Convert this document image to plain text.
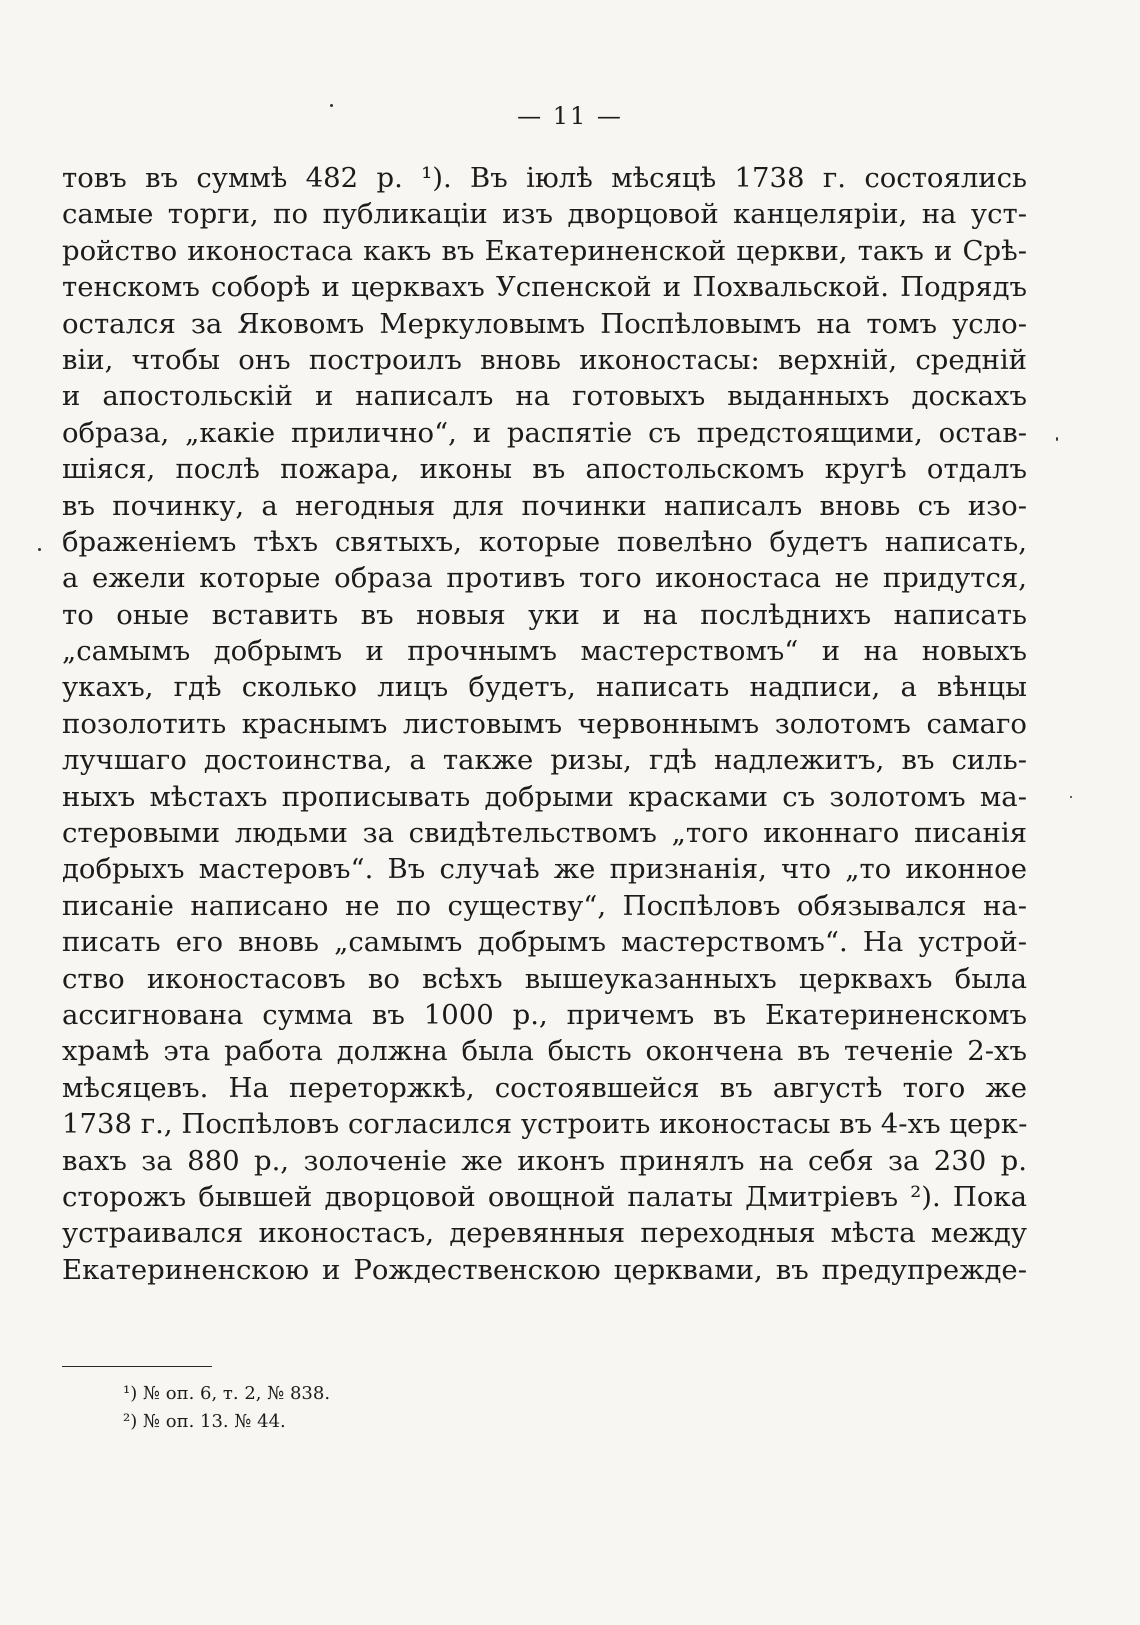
— 11 —
товъ въ суммѣ 482 р. ¹). Въ іюлѣ мѣсяцѣ 1738 г. состоялись
самые торги, по публикаціи изъ дворцовой канцеляріи, на уст-
ройство иконостаса какъ въ Екатериненской церкви, такъ и Срѣ-
тенскомъ соборѣ и церквахъ Успенской и Похвальской. Подрядъ
остался за Яковомъ Меркуловымъ Поспѣловымъ на томъ усло-
віи, чтобы онъ построилъ вновь иконостасы: верхній, средній
и апостольскій и написалъ на готовыхъ выданныхъ доскахъ
образа, „какіе прилично“, и распятіе съ предстоящими, остав-
шіяся, послѣ пожара, иконы въ апостольскомъ кругѣ отдалъ
въ починку, а негодныя для починки написалъ вновь съ изо-
браженіемъ тѣхъ святыхъ, которые повелѣно будетъ написать,
а ежели которые образа противъ того иконостаса не придутся,
то оные вставить въ новыя уки и на послѣднихъ написать
„самымъ добрымъ и прочнымъ мастерствомъ“ и на новыхъ
укахъ, гдѣ сколько лицъ будетъ, написать надписи, а вѣнцы
позолотить краснымъ листовымъ червоннымъ золотомъ самаго
лучшаго достоинства, а также ризы, гдѣ надлежитъ, въ силь-
ныхъ мѣстахъ прописывать добрыми красками съ золотомъ ма-
стеровыми людьми за свидѣтельствомъ „того иконнаго писанія
добрыхъ мастеровъ“. Въ случаѣ же признанія, что „то иконное
писаніе написано не по существу“, Поспѣловъ обязывался на-
писать его вновь „самымъ добрымъ мастерствомъ“. На устрой-
ство иконостасовъ во всѣхъ вышеуказанныхъ церквахъ была
ассигнована сумма въ 1000 р., причемъ въ Екатериненскомъ
храмѣ эта работа должна была бысть окончена въ теченіе 2-хъ
мѣсяцевъ. На переторжкѣ, состоявшейся въ августѣ того же
1738 г., Поспѣловъ согласился устроить иконостасы въ 4-хъ церк-
вахъ за 880 р., золоченіе же иконъ принялъ на себя за 230 р.
сторожъ бывшей дворцовой овощной палаты Дмитріевъ ²). Пока
устраивался иконостасъ, деревянныя переходныя мѣста между
Екатериненскою и Рождественскою церквами, въ предупрежде-
¹) № оп. 6, т. 2, № 838.
²) № оп. 13. № 44.
